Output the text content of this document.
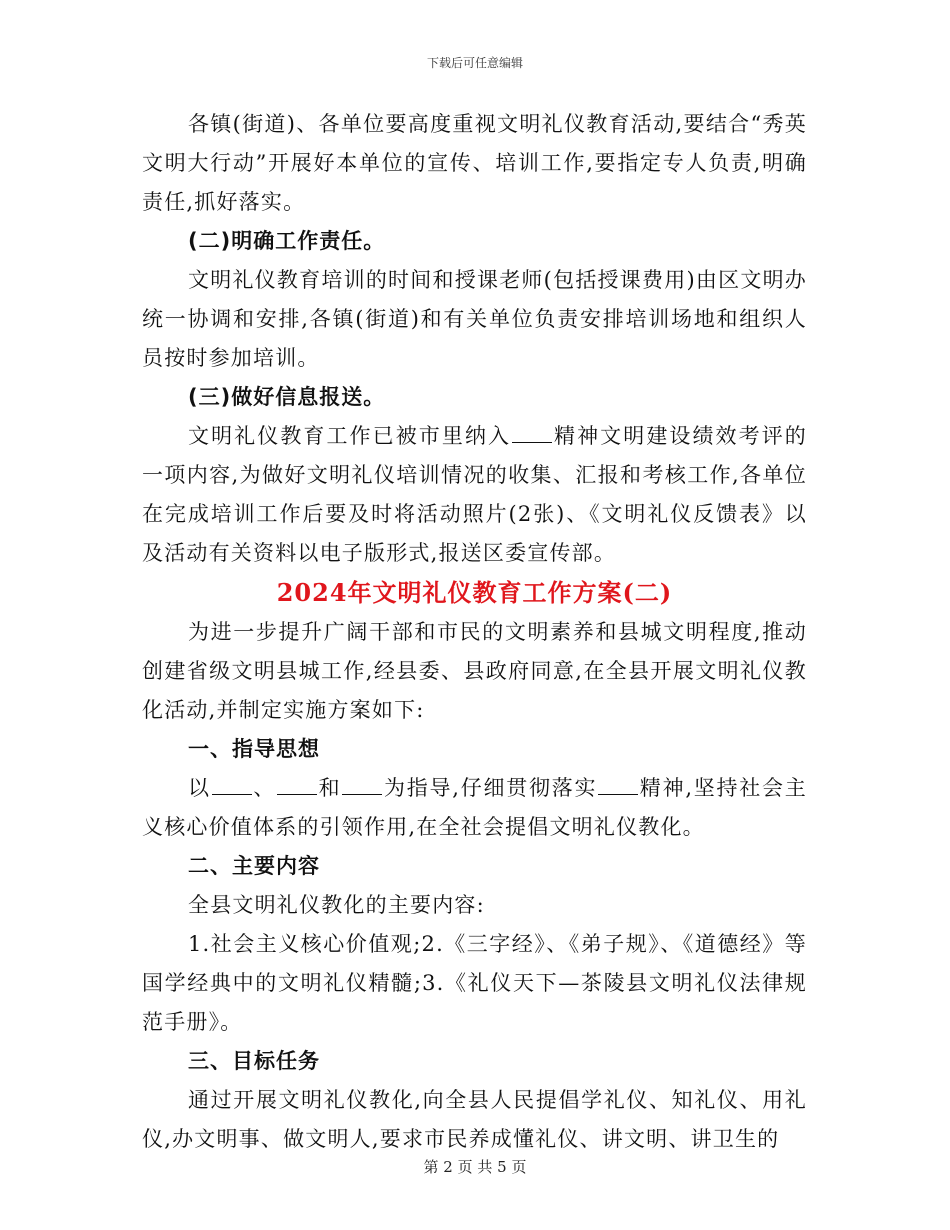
下载后可任意编辑

各镇(街道)、各单位要高度重视文明礼仪教育活动,要结合“秀英文明大行动”开展好本单位的宣传、培训工作,要指定专人负责,明确责任,抓好落实。

(二)明确工作责任。

文明礼仪教育培训的时间和授课老师(包括授课费用)由区文明办统一协调和安排,各镇(街道)和有关单位负责安排培训场地和组织人员按时参加培训。

(三)做好信息报送。

文明礼仪教育工作已被市里纳入 精神文明建设绩效考评的一项内容,为做好文明礼仪培训情况的收集、汇报和考核工作,各单位在完成培训工作后要及时将活动照片(2张)、《文明礼仪反馈表》以及活动有关资料以电子版形式,报送区委宣传部。

2024年文明礼仪教育工作方案(二)

为进一步提升广阔干部和市民的文明素养和县城文明程度,推动创建省级文明县城工作,经县委、县政府同意,在全县开展文明礼仪教化活动,并制定实施方案如下:

一、指导思想

以 、 和 为指导,仔细贯彻落实 精神,坚持社会主义核心价值体系的引领作用,在全社会提倡文明礼仪教化。

二、主要内容

全县文明礼仪教化的主要内容:

1.社会主义核心价值观;2.《三字经》、《弟子规》、《道德经》等国学经典中的文明礼仪精髓;3.《礼仪天下—茶陵县文明礼仪法律规范手册》。

三、目标任务

通过开展文明礼仪教化,向全县人民提倡学礼仪、知礼仪、用礼仪,办文明事、做文明人,要求市民养成懂礼仪、讲文明、讲卫生的

第 2 页 共 5 页
